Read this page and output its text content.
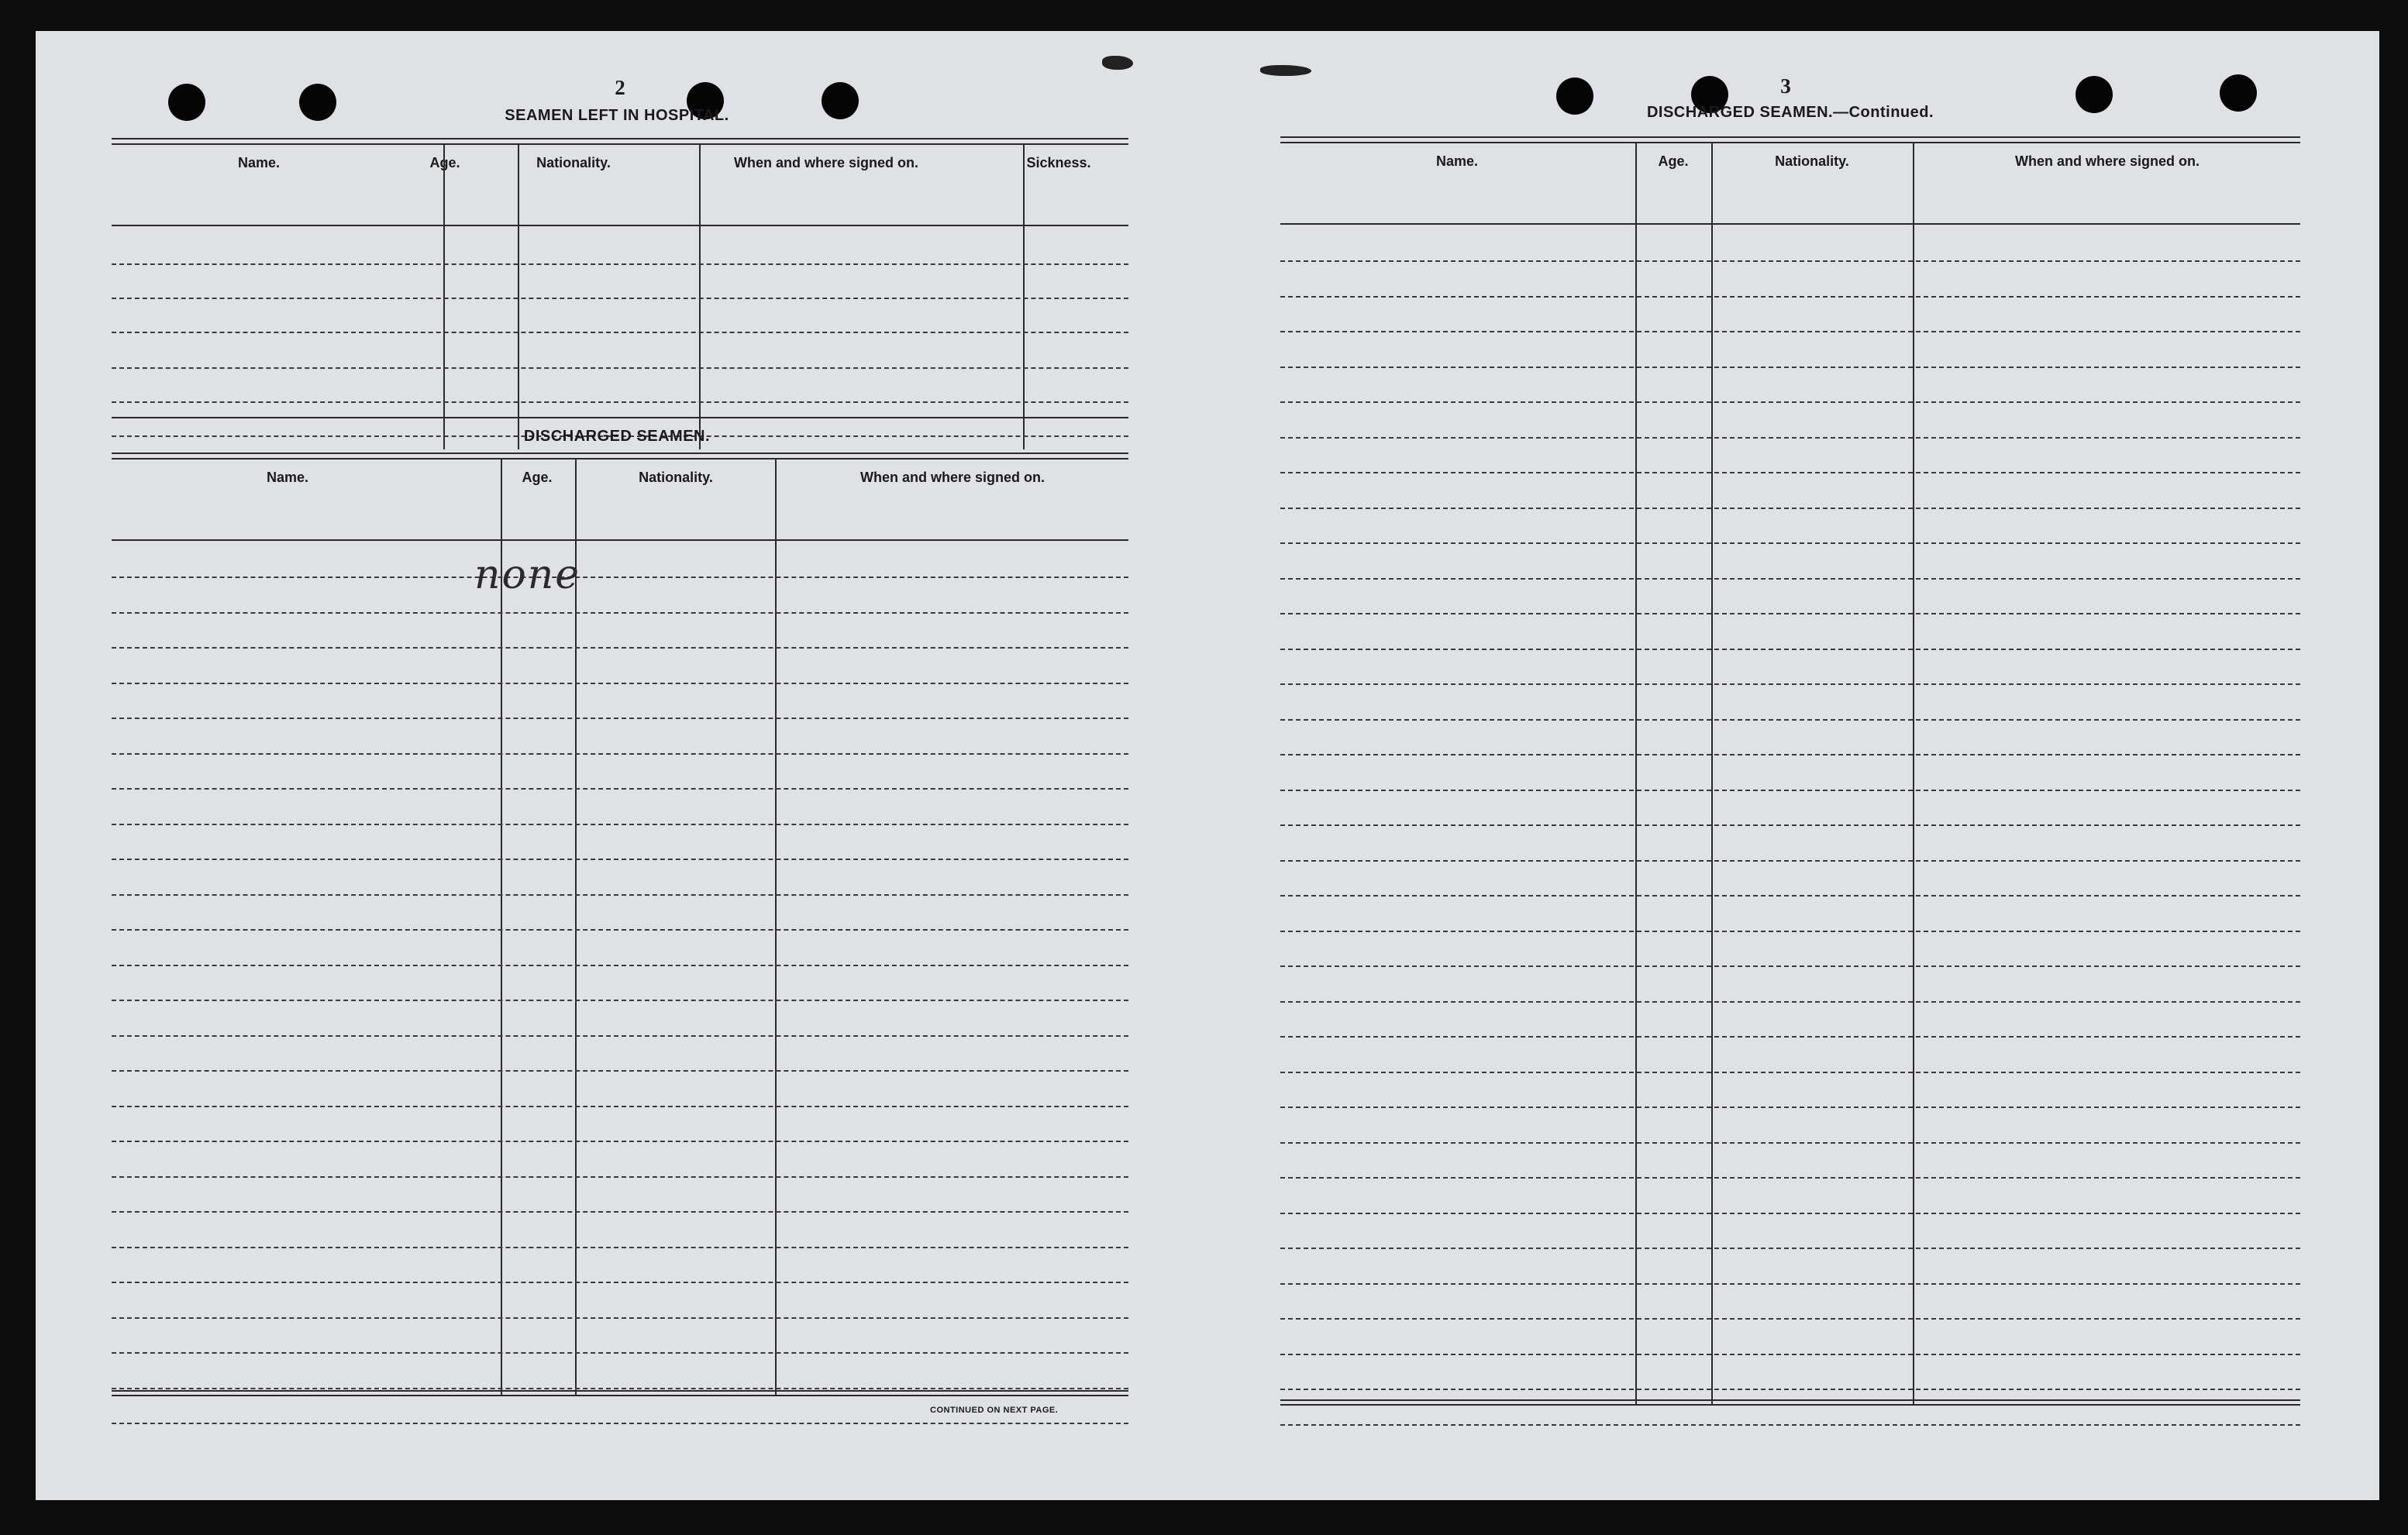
2
SEAMEN LEFT IN HOSPITAL.
Name.	Age.	Nationality.	When and where signed on.	Sickness.
DISCHARGED SEAMEN.
Name.	Age.	Nationality.	When and where signed on.
none
CONTINUED ON NEXT PAGE.
3
DISCHARGED SEAMEN.—Continued.
Name.	Age.	Nationality.	When and where signed on.
